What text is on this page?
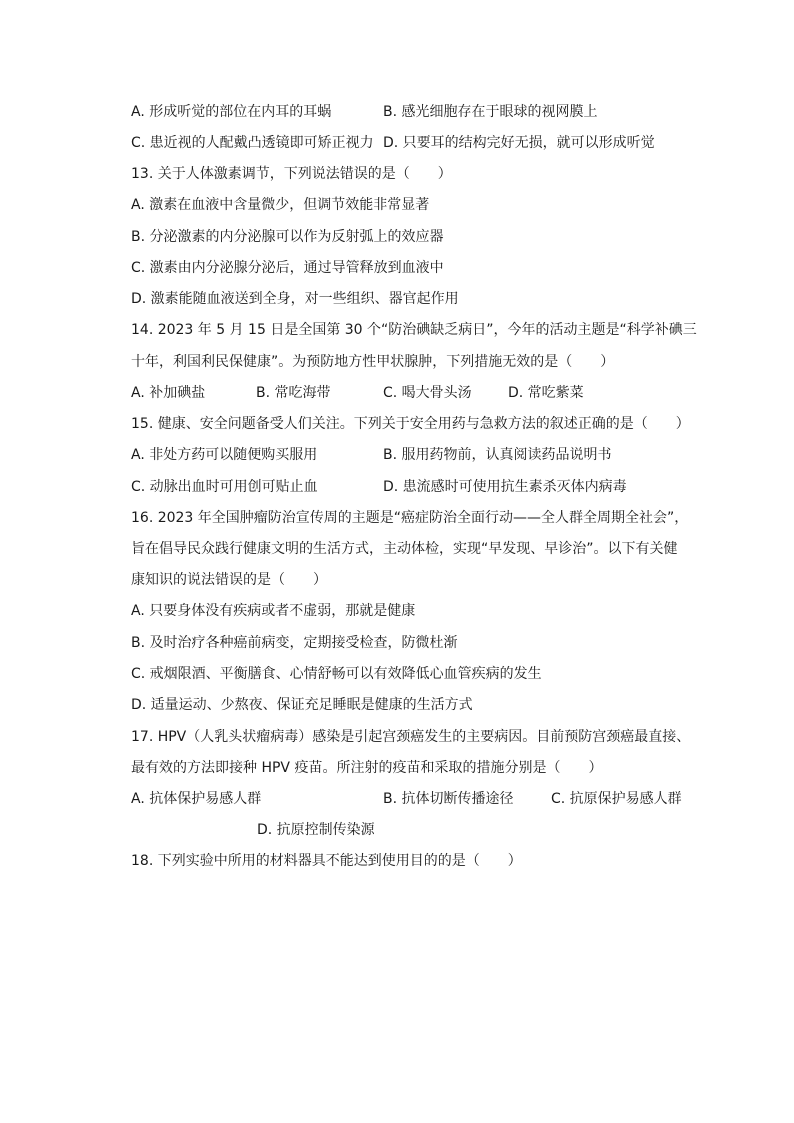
A. 形成听觉的部位在内耳的耳蜗	B. 感光细胞存在于眼球的视网膜上
C. 患近视的人配戴凸透镜即可矫正视力 D. 只要耳的结构完好无损，就可以形成听觉
13. 关于人体激素调节，下列说法错误的是（　　）
A. 激素在血液中含量微少，但调节效能非常显著
B. 分泌激素的内分泌腺可以作为反射弧上的效应器
C. 激素由内分泌腺分泌后，通过导管释放到血液中
D. 激素能随血液送到全身，对一些组织、器官起作用
14. 2023 年 5 月 15 日是全国第 30 个“防治碘缺乏病日”，今年的活动主题是“科学补碘三
十年，利国利民保健康”。为预防地方性甲状腺肿，下列措施无效的是（　　）
A. 补加碘盐	B. 常吃海带	C. 喝大骨头汤	D. 常吃紫菜
15. 健康、安全问题备受人们关注。下列关于安全用药与急救方法的叙述正确的是（　　）
A. 非处方药可以随便购买服用	B. 服用药物前，认真阅读药品说明书
C. 动脉出血时可用创可贴止血	D. 患流感时可使用抗生素杀灭体内病毒
16. 2023 年全国肿瘤防治宣传周的主题是“癌症防治全面行动——全人群全周期全社会”，
旨在倡导民众践行健康文明的生活方式，主动体检，实现“早发现、早诊治”。以下有关健
康知识的说法错误的是（　　）
A. 只要身体没有疾病或者不虚弱，那就是健康
B. 及时治疗各种癌前病变，定期接受检查，防微杜渐
C. 戒烟限酒、平衡膳食、心情舒畅可以有效降低心血管疾病的发生
D. 适量运动、少熬夜、保证充足睡眠是健康的生活方式
17. HPV（人乳头状瘤病毒）感染是引起宫颈癌发生的主要病因。目前预防宫颈癌最直接、
最有效的方法即接种 HPV 疫苗。所注射的疫苗和采取的措施分别是（　　）
A. 抗体保护易感人群	B. 抗体切断传播途径	C. 抗原保护易感人群
D. 抗原控制传染源
18. 下列实验中所用的材料器具不能达到使用目的的是（　　）
